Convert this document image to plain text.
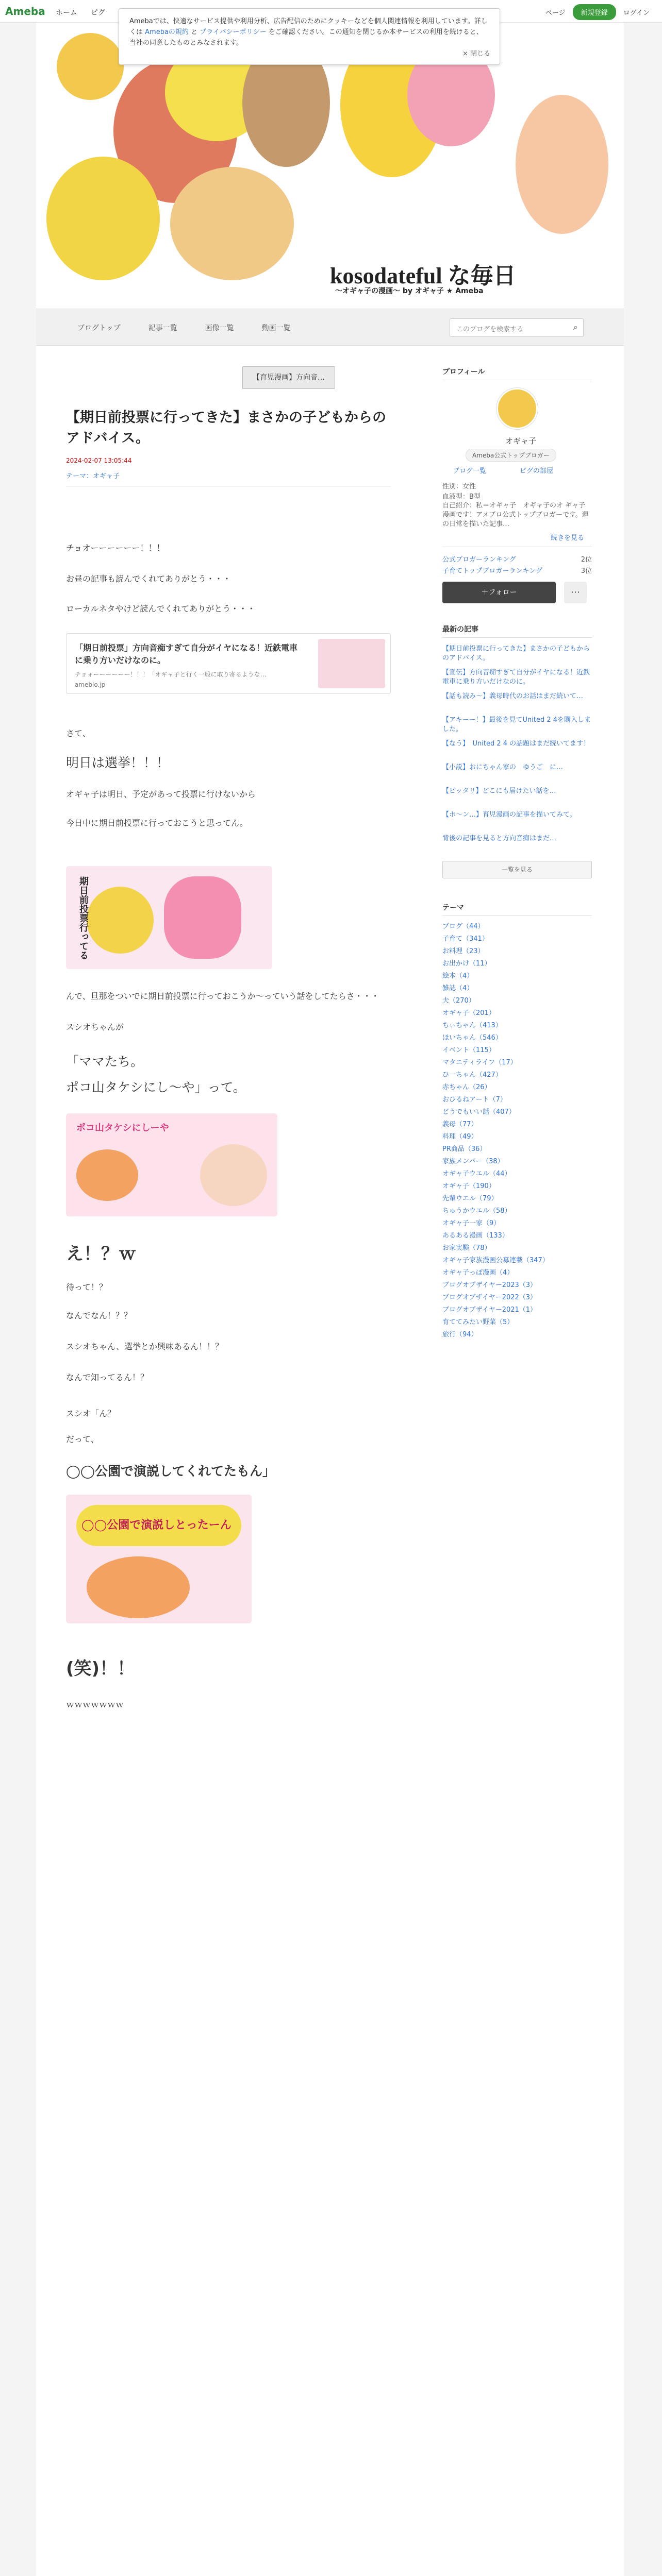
Ameba ホーム ピグ	ページ	新規登録	ログイン
kosodateful な毎日
〜オギャ子の漫画〜 by オギャ子 ★ Ameba
Amebaでは、快適なサービス提供や利用分析、広告配信のためにクッキーなどを個人関連情報を利用しています。詳しくは Amebaの規約 と プライバシーポリシー をご確認ください。この通知を閉じるか本サービスの利用を続けると、当社の同意したものとみなされます。
× 閉じる
ブログトップ	記事一覧	画像一覧	動画一覧	このブログを検索する	⌕
【育児漫画】方向音…
【期日前投票に行ってきた】まさかの子どもからのアドバイス。
2024-02-07 13:05:44
テーマ：オギャ子
チョオーーーーーー！！！
お昼の記事も読んでくれてありがとう・・・
ローカルネタやけど読んでくれてありがとう・・・
「期日前投票」方向音痴すぎて自分がイヤになる！近鉄電車に乗り方いだけなのに。
チョォーーーーーー！！！「オギャ子と行く一般に取り寄るような…
ameblo.jp
さて、
明日は選挙！！！
オギャ子は明日、予定があって投票に行けないから
今日中に期日前投票に行っておこうと思ってん。
期日前投票行ってる
んで、旦那をついでに期日前投票に行っておこうか～っていう話をしてたらさ・・・
スシオちゃんが
「ママたち。
ポコ山タケシにし〜や」って。
ポコ山タケシにしーや
え！？ｗ
待って！？
なんでなん！？？
スシオちゃん、選挙とか興味あるん！！？
なんで知ってるん！？
スシオ「ん？
だって、
◯◯公園で演説してくれてたもん」
◯◯公園で演説しとったーん
(笑)！！
ｗｗｗｗｗｗｗ
プロフィール
オギャ子
Ameba公式トップブロガー
ブログ一覧	ピグの部屋
性別：女性
血液型：B型
自己紹介：私＝オギャ子　オギャ子のオ ギャ子漫画です！アメブロ公式トップブロガーです。運の日常を描いた記事…
続きを見る
公式ブロガーランキング	2位
子育てトップブロガーランキング	3位
＋フォロー	⋯
最新の記事
【期日前投票に行ってきた】まさかの子どもからのアドバイス。
【宣伝】方向音痴すぎて自分がイヤになる！近鉄電車に乗り方いだけなのに。
【話も読み～】義母時代のお話はまだ続いて…
【アキーー！】最後を見てUnited 2 4を購入しました。
【なう】　United 2 4 の話題はまだ続いてます！
【小説】おにちゃん家の　ゆうご　に…
【ピッタリ】どこにも届けたい話を…
【ホ〜ン…】育児漫画の記事を描いてみて。
背後の記事を見ると方向音痴はまだ…
一覧を見る
テーマ
ブログ（44）
子育て（341）
お料理（23）
お出かけ（11）
絵本（4）
雑誌（4）
夫（270）
オギャ子（201）
ちぃちゃん（413）
ほいちゃん（546）
イベント（115）
マタニティライフ（17）
ひ一ちゃん（427）
赤ちゃん（26）
おひるねアート（7）
どうでもいい話（407）
義母（77）
料理（49）
PR商品（36）
家族メンバー（38）
オギャ子ウエル（44）
オギャ子（190）
先輩ウエル（79）
ちゅうかウエル（58）
オギャ子一家（9）
あるある漫画（133）
お家実験（78）
オギャ子家族漫画公募連載（347）
オギャ子っぽ漫画（4）
ブログオブザイヤー2023（3）
ブログオブザイヤー2022（3）
ブログオブザイヤー2021（1）
育ててみたい野菜（5）
旅行（94）
